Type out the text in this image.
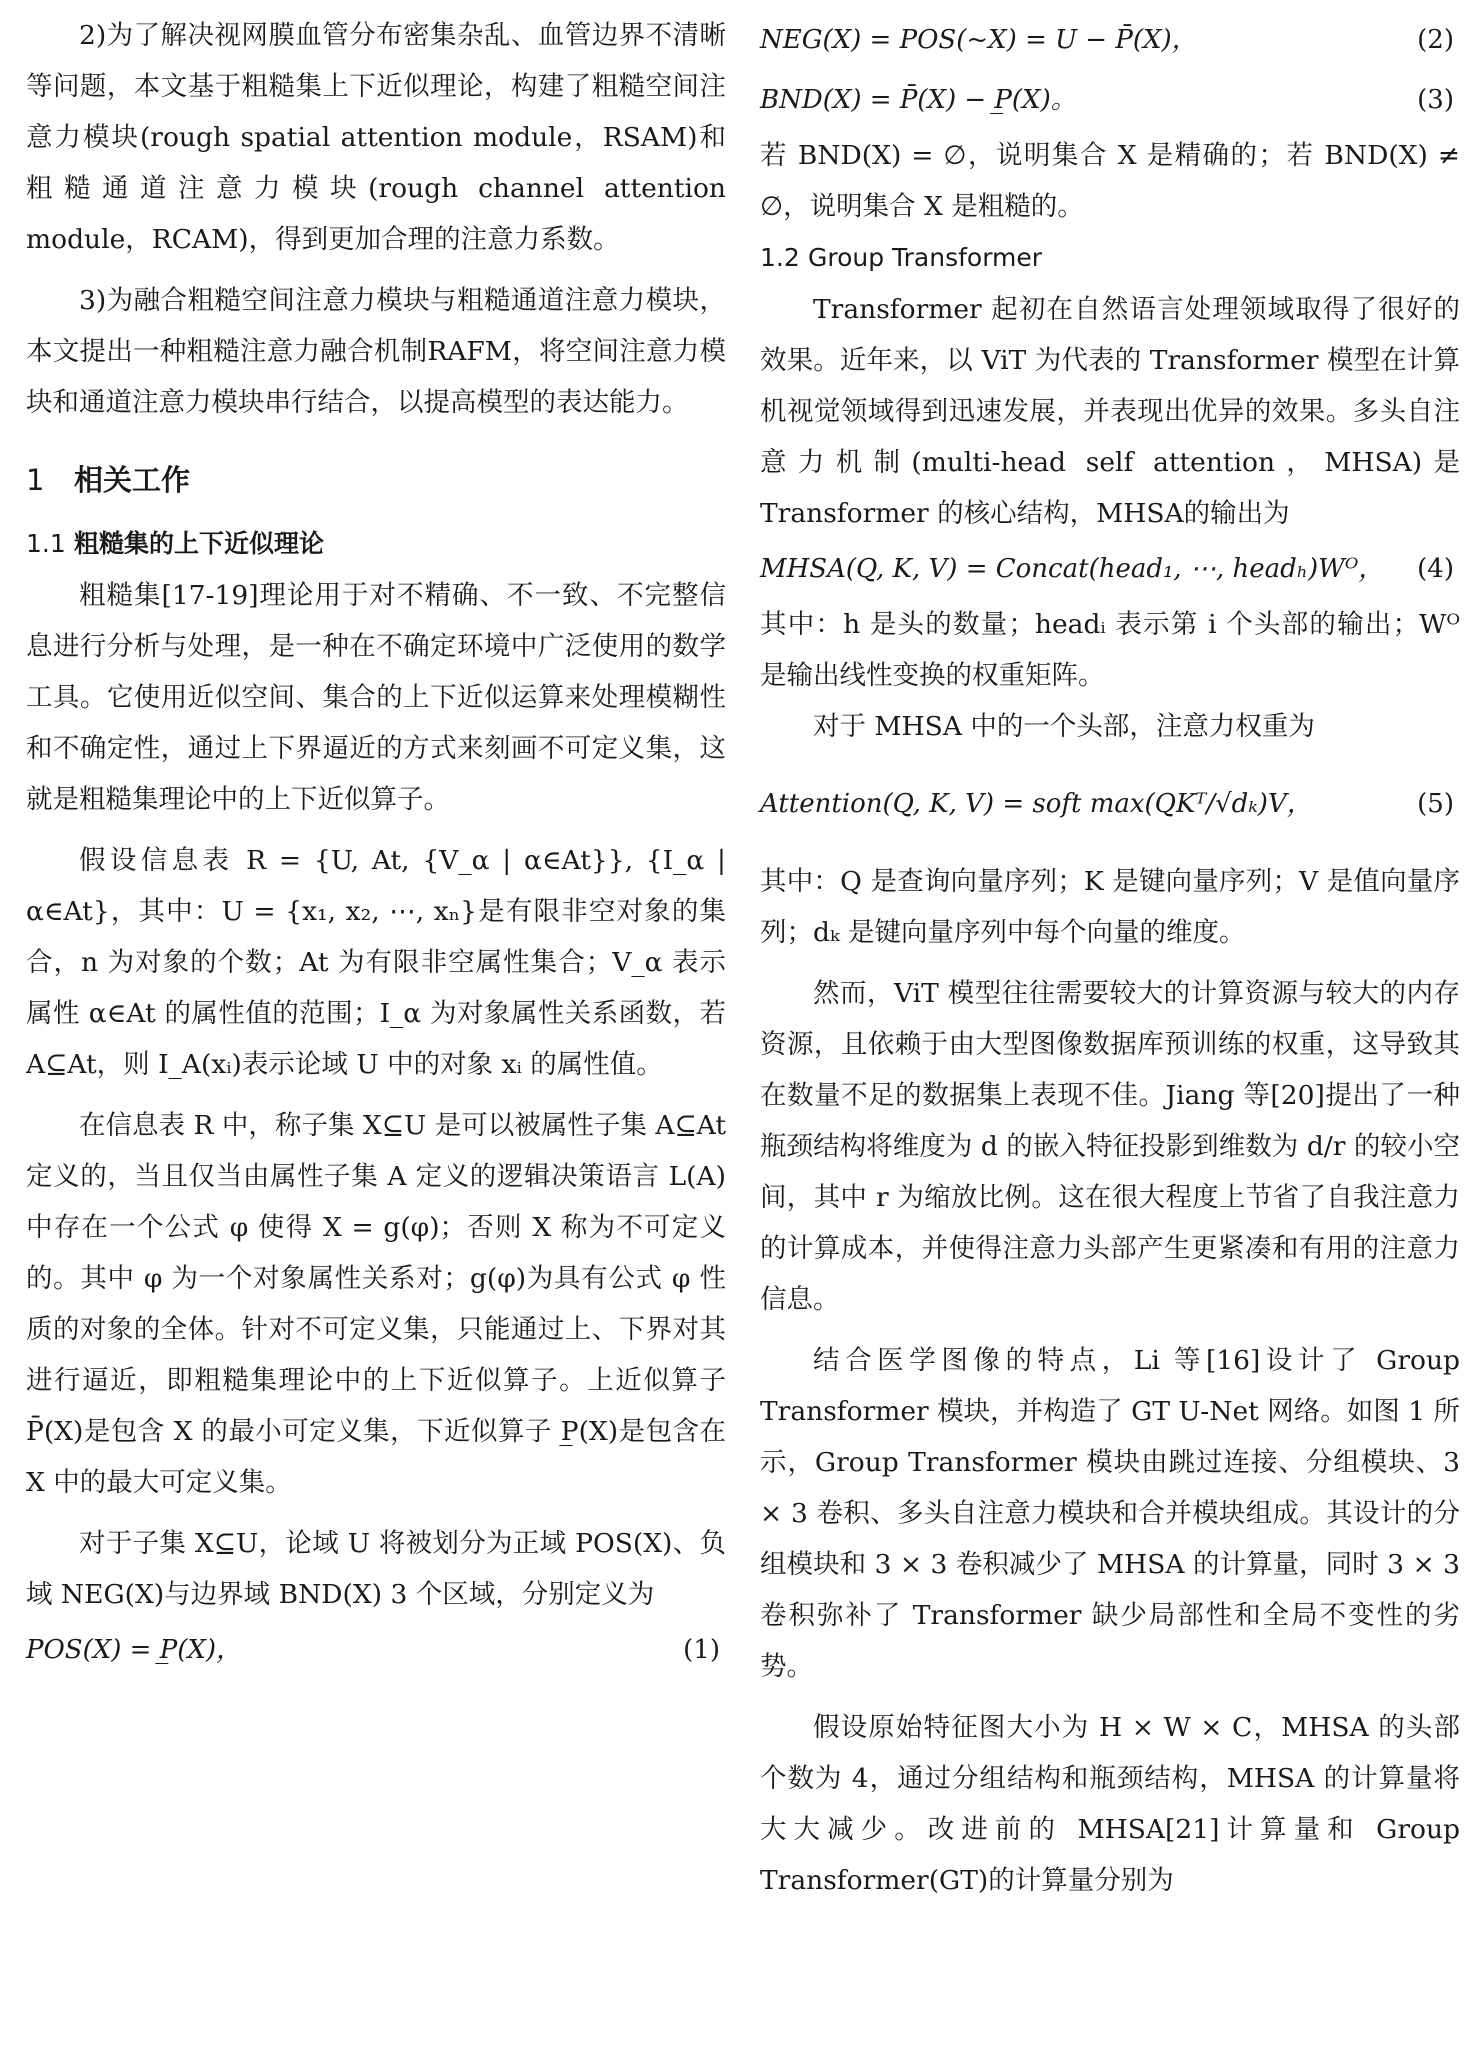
2)为了解决视网膜血管分布密集杂乱、血管边界不清晰等问题，本文基于粗糙集上下近似理论，构建了粗糙空间注意力模块(rough spatial attention module，RSAM)和粗糙通道注意力模块(rough channel attention module，RCAM)，得到更加合理的注意力系数。

3)为融合粗糙空间注意力模块与粗糙通道注意力模块，本文提出一种粗糙注意力融合机制RAFM，将空间注意力模块和通道注意力模块串行结合，以提高模型的表达能力。

1 相关工作
1.1 粗糙集的上下近似理论

粗糙集[17-19]理论用于对不精确、不一致、不完整信息进行分析与处理，是一种在不确定环境中广泛使用的数学工具。它使用近似空间、集合的上下近似运算来处理模糊性和不确定性，通过上下界逼近的方式来刻画不可定义集，这就是粗糙集理论中的上下近似算子。

假设信息表 R = {U, At, {V_α | α∈At}}, {I_α | α∈At}，其中：U = {x₁, x₂, ⋯, xₙ}是有限非空对象的集合，n 为对象的个数；At 为有限非空属性集合；V_α 表示属性 α∈At 的属性值的范围；I_α 为对象属性关系函数，若 A⊆At，则 I_A(xᵢ)表示论域 U 中的对象 xᵢ 的属性值。

在信息表 R 中，称子集 X⊆U 是可以被属性子集 A⊆At 定义的，当且仅当由属性子集 A 定义的逻辑决策语言 L(A)中存在一个公式 φ 使得 X = g(φ)；否则 X 称为不可定义的。其中 φ 为一个对象属性关系对；g(φ)为具有公式 φ 性质的对象的全体。针对不可定义集，只能通过上、下界对其进行逼近，即粗糙集理论中的上下近似算子。上近似算子 P̄(X)是包含 X 的最小可定义集，下近似算子 P̲(X)是包含在 X 中的最大可定义集。

对于子集 X⊆U，论域 U 将被划分为正域 POS(X)、负域 NEG(X)与边界域 BND(X) 3 个区域，分别定义为

POS(X) = P̲(X)，	(1)
NEG(X) = POS(~X) = U − P̄(X)，	(2)
BND(X) = P̄(X) − P̲(X)。	(3)

若 BND(X) = ∅，说明集合 X 是精确的；若 BND(X) ≠ ∅，说明集合 X 是粗糙的。

1.2 Group Transformer

Transformer 起初在自然语言处理领域取得了很好的效果。近年来，以 ViT 为代表的 Transformer 模型在计算机视觉领域得到迅速发展，并表现出优异的效果。多头自注意力机制(multi-head self attention，MHSA)是 Transformer 的核心结构，MHSA的输出为

MHSA(Q, K, V) = Concat(head₁, ⋯, headₕ)Wᴼ， (4)

其中：h 是头的数量；headᵢ 表示第 i 个头部的输出；Wᴼ 是输出线性变换的权重矩阵。

对于 MHSA 中的一个头部，注意力权重为

Attention(Q, K, V) = soft max(QKᵀ/√dₖ)V，	(5)

其中：Q 是查询向量序列；K 是键向量序列；V 是值向量序列；dₖ 是键向量序列中每个向量的维度。

然而，ViT 模型往往需要较大的计算资源与较大的内存资源，且依赖于由大型图像数据库预训练的权重，这导致其在数量不足的数据集上表现不佳。Jiang 等[20]提出了一种瓶颈结构将维度为 d 的嵌入特征投影到维数为 d/r 的较小空间，其中 r 为缩放比例。这在很大程度上节省了自我注意力的计算成本，并使得注意力头部产生更紧凑和有用的注意力信息。

结合医学图像的特点，Li 等[16]设计了 Group Transformer 模块，并构造了 GT U-Net 网络。如图 1 所示，Group Transformer 模块由跳过连接、分组模块、3 × 3 卷积、多头自注意力模块和合并模块组成。其设计的分组模块和 3 × 3 卷积减少了 MHSA 的计算量，同时 3 × 3 卷积弥补了 Transformer 缺少局部性和全局不变性的劣势。

假设原始特征图大小为 H × W × C，MHSA 的头部个数为 4，通过分组结构和瓶颈结构，MHSA 的计算量将大大减少。改进前的 MHSA[21]计算量和 Group Transformer(GT)的计算量分别为
